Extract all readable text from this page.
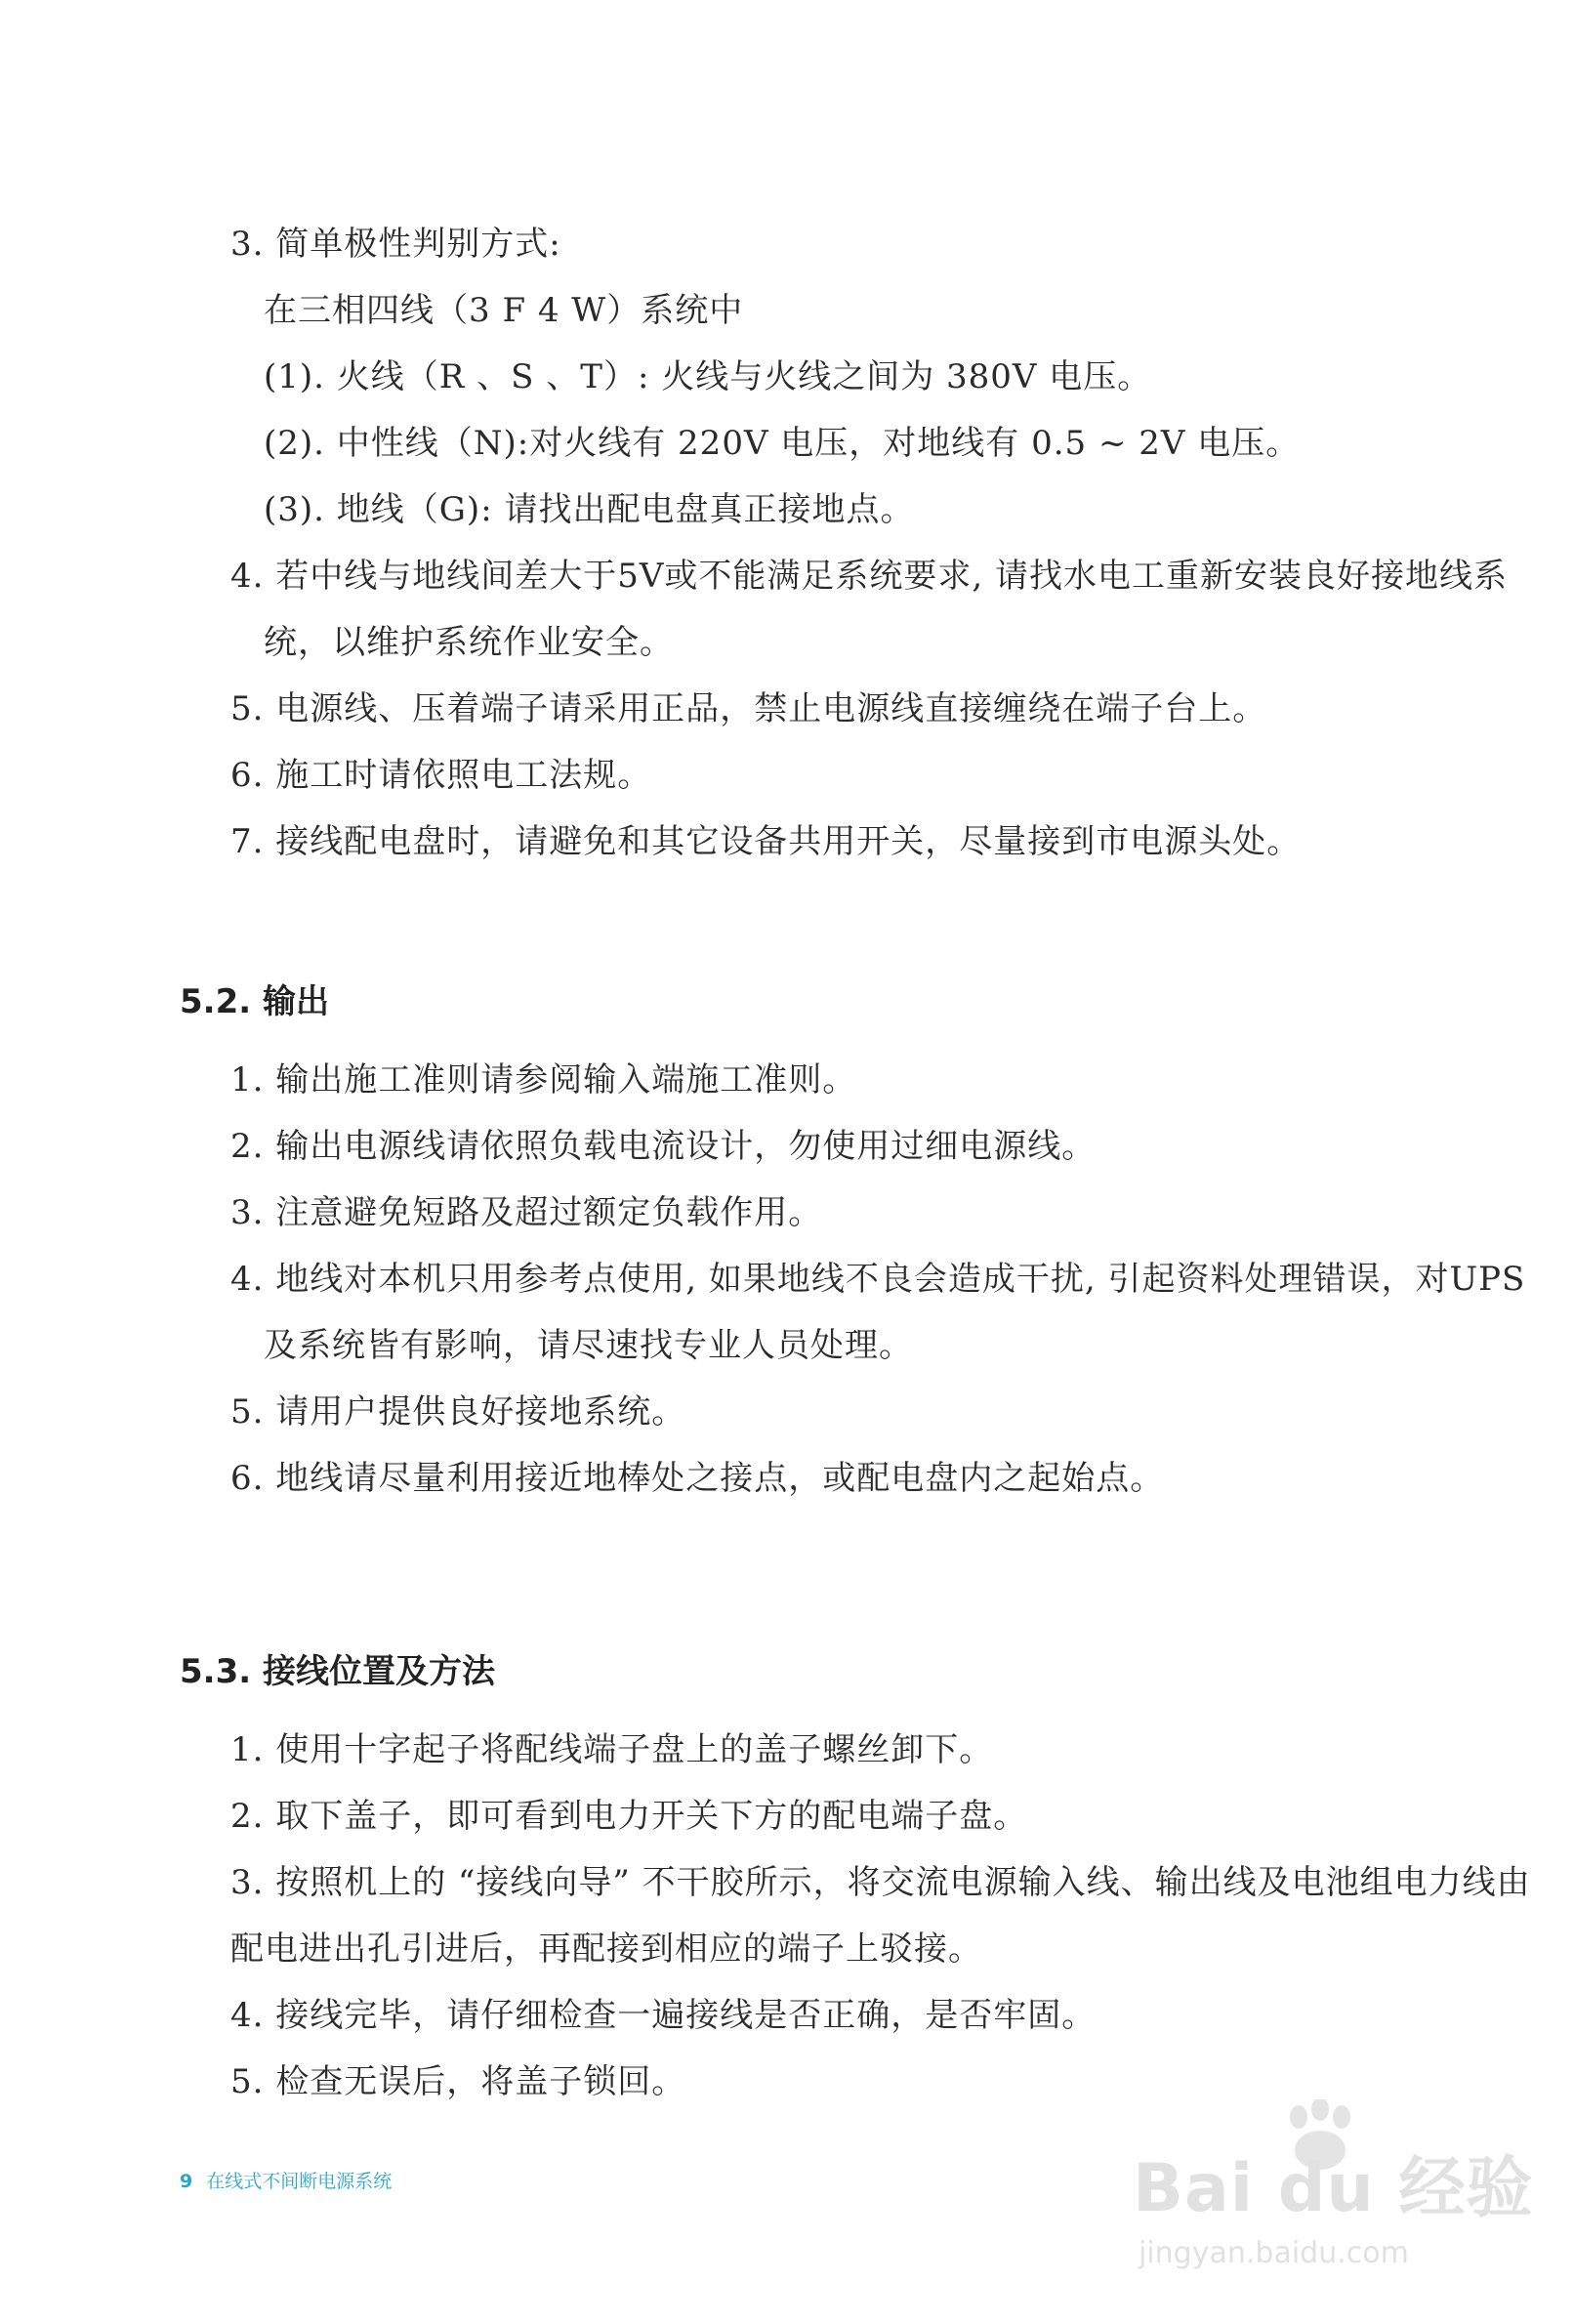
3. 简单极性判别方式:
在三相四线（3 F 4 W）系统中
(1). 火线（R 、S 、T）: 火线与火线之间为 380V 电压。
(2). 中性线（N):对火线有 220V 电压，对地线有 0.5 ~ 2V 电压。
(3). 地线（G): 请找出配电盘真正接地点。
4. 若中线与地线间差大于5V或不能满足系统要求, 请找水电工重新安装良好接地线系
统，以维护系统作业安全。
5. 电源线、压着端子请采用正品，禁止电源线直接缠绕在端子台上。
6. 施工时请依照电工法规。
7. 接线配电盘时，请避免和其它设备共用开关，尽量接到市电源头处。
5.2. 输出
1. 输出施工准则请参阅输入端施工准则。
2. 输出电源线请依照负载电流设计，勿使用过细电源线。
3. 注意避免短路及超过额定负载作用。
4. 地线对本机只用参考点使用, 如果地线不良会造成干扰, 引起资料处理错误，对UPS
及系统皆有影响，请尽速找专业人员处理。
5. 请用户提供良好接地系统。
6. 地线请尽量利用接近地棒处之接点，或配电盘内之起始点。
5.3. 接线位置及方法
1. 使用十字起子将配线端子盘上的盖子螺丝卸下。
2. 取下盖子，即可看到电力开关下方的配电端子盘。
3. 按照机上的 “接线向导” 不干胶所示，将交流电源输入线、输出线及电池组电力线由
配电进出孔引进后，再配接到相应的端子上驳接。
4. 接线完毕，请仔细检查一遍接线是否正确，是否牢固。
5. 检查无误后，将盖子锁回。
9 在线式不间断电源系统	Bai du 经验
jingyan.baidu.com
